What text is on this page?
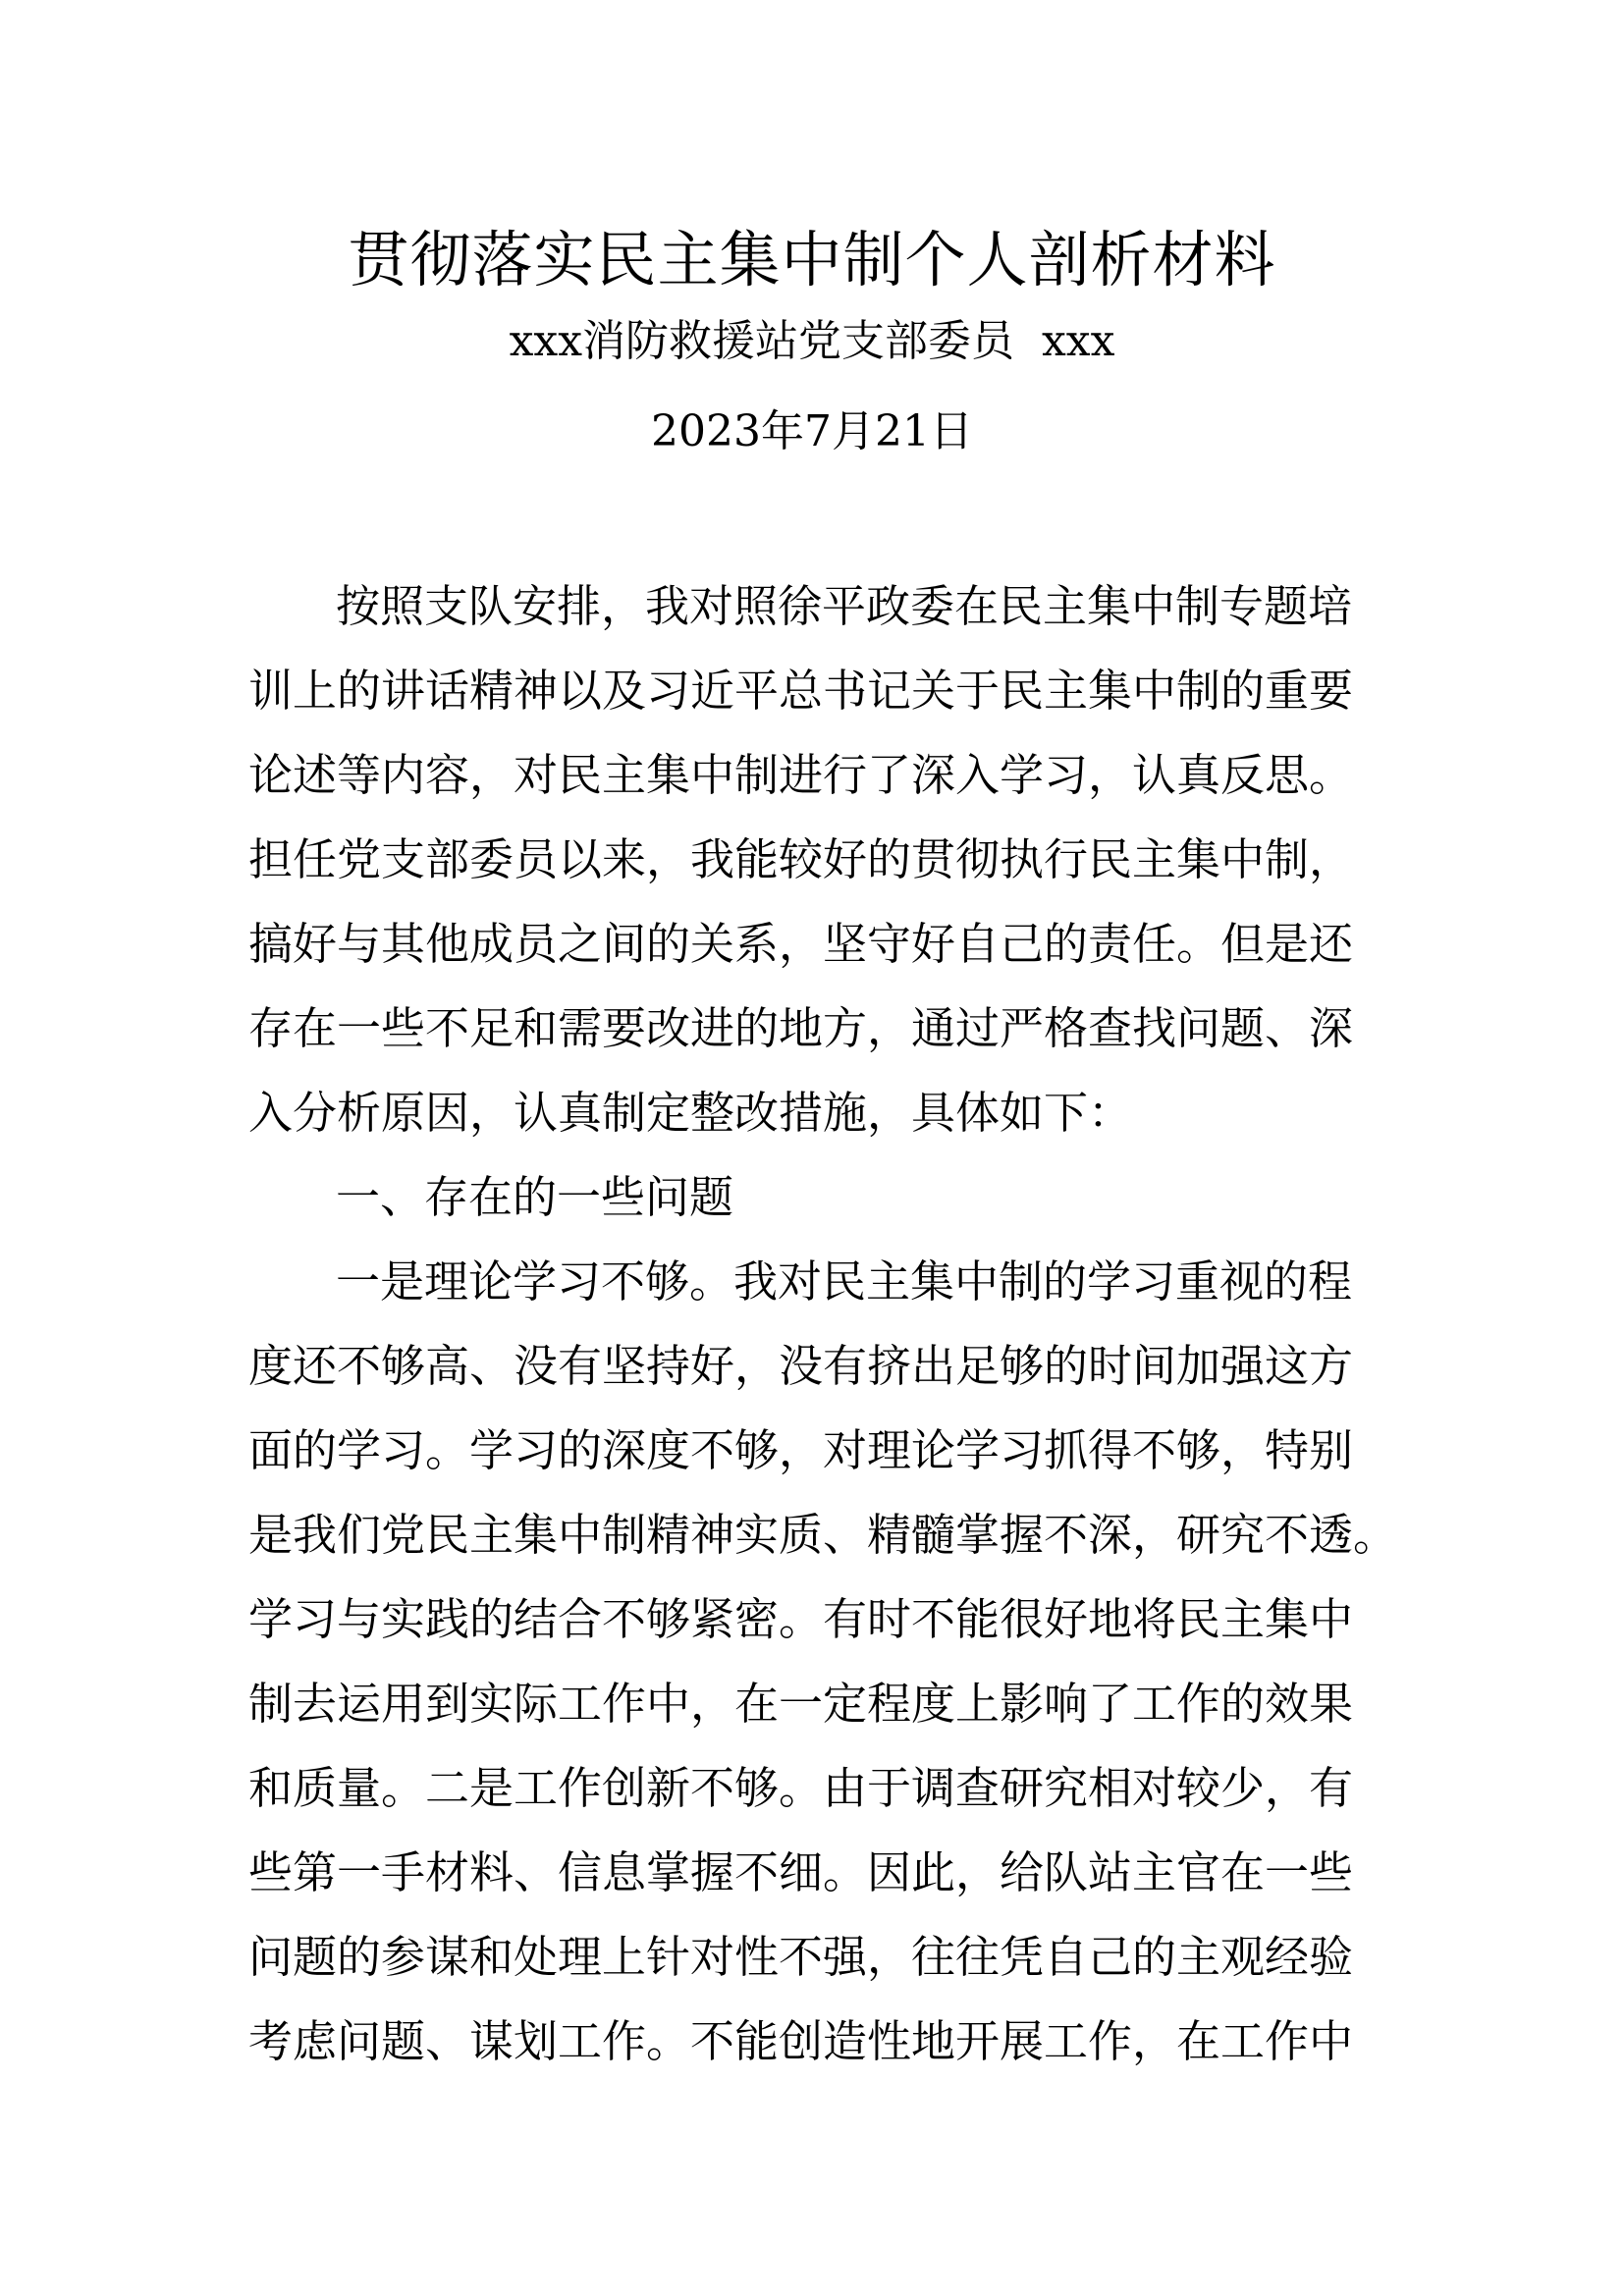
贯彻落实民主集中制个人剖析材料
xxx消防救援站党支部委员  xxx
2023年7月21日
按照支队安排，我对照徐平政委在民主集中制专题培
训上的讲话精神以及习近平总书记关于民主集中制的重要
论述等内容，对民主集中制进行了深入学习，认真反思。
担任党支部委员以来，我能较好的贯彻执行民主集中制，
搞好与其他成员之间的关系，坚守好自己的责任。但是还
存在一些不足和需要改进的地方，通过严格查找问题、深
入分析原因，认真制定整改措施，具体如下：
一、存在的一些问题
一是理论学习不够。我对民主集中制的学习重视的程
度还不够高、没有坚持好，没有挤出足够的时间加强这方
面的学习。学习的深度不够，对理论学习抓得不够，特别
是我们党民主集中制精神实质、精髓掌握不深，研究不透。
学习与实践的结合不够紧密。有时不能很好地将民主集中
制去运用到实际工作中，在一定程度上影响了工作的效果
和质量。二是工作创新不够。由于调查研究相对较少，有
些第一手材料、信息掌握不细。因此，给队站主官在一些
问题的参谋和处理上针对性不强，往往凭自己的主观经验
考虑问题、谋划工作。不能创造性地开展工作，在工作中
